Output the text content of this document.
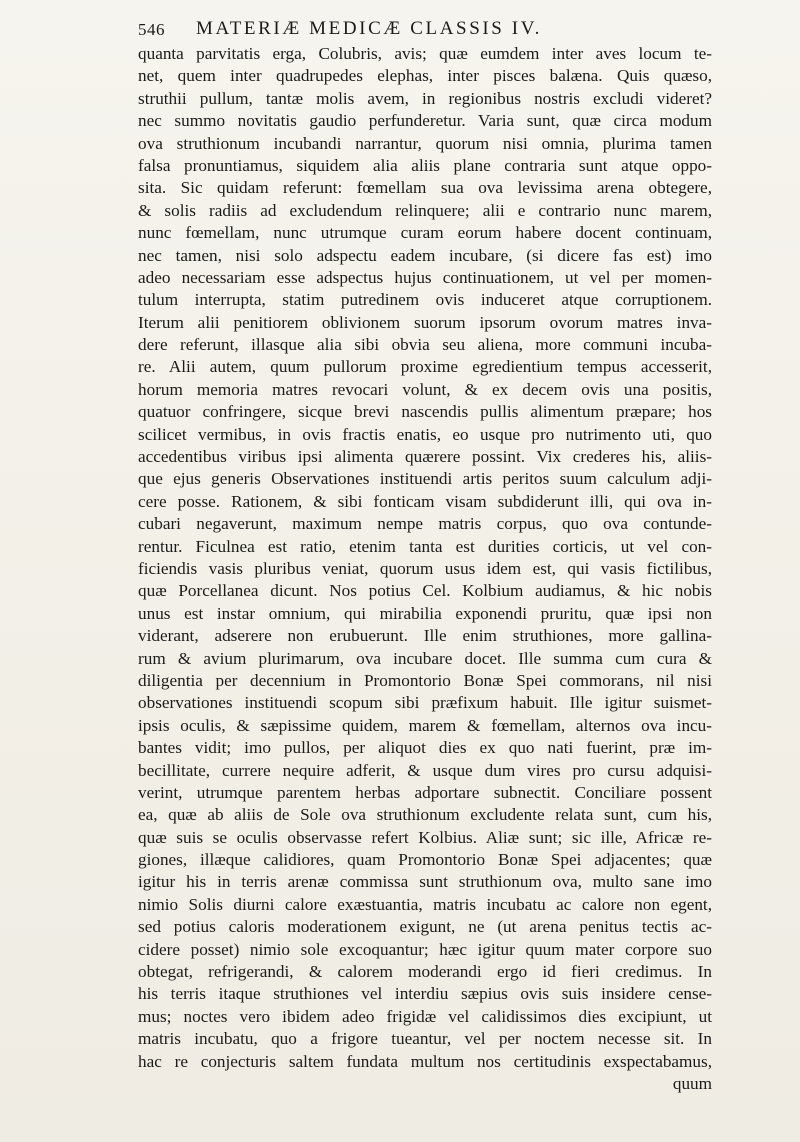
546 MATERIÆ MEDICÆ CLASSIS IV.
quanta parvitatis erga, Colubris, avis; quæ eumdem inter aves locum te-
net, quem inter quadrupedes elephas, inter pisces balæna. Quis quæso,
struthii pullum, tantæ molis avem, in regionibus nostris excludi videret?
nec summo novitatis gaudio perfunderetur. Varia sunt, quæ circa modum
ova struthionum incubandi narrantur, quorum nisi omnia, plurima tamen
falsa pronuntiamus, siquidem alia aliis plane contraria sunt atque oppo-
sita. Sic quidam referunt: fœmellam sua ova levissima arena obtegere,
& solis radiis ad excludendum relinquere; alii e contrario nunc marem,
nunc fœmellam, nunc utrumque curam eorum habere docent continuam,
nec tamen, nisi solo adspectu eadem incubare, (si dicere fas est) imo
adeo necessariam esse adspectus hujus continuationem, ut vel per momen-
tulum interrupta, statim putredinem ovis induceret atque corruptionem.
Iterum alii penitiorem oblivionem suorum ipsorum ovorum matres inva-
dere referunt, illasque alia sibi obvia seu aliena, more communi incuba-
re. Alii autem, quum pullorum proxime egredientium tempus accesserit,
horum memoria matres revocari volunt, & ex decem ovis una positis,
quatuor confringere, sicque brevi nascendis pullis alimentum præpare; hos
scilicet vermibus, in ovis fractis enatis, eo usque pro nutrimento uti, quo
accedentibus viribus ipsi alimenta quærere possint. Vix crederes his, aliis-
que ejus generis Observationes instituendi artis peritos suum calculum adji-
cere posse. Rationem, & sibi fonticam visam subdiderunt illi, qui ova in-
cubari negaverunt, maximum nempe matris corpus, quo ova contunde-
rentur. Ficulnea est ratio, etenim tanta est durities corticis, ut vel con-
ficiendis vasis pluribus veniat, quorum usus idem est, qui vasis fictilibus,
quæ Porcellanea dicunt. Nos potius Cel. Kolbium audiamus, & hic nobis
unus est instar omnium, qui mirabilia exponendi pruritu, quæ ipsi non
viderant, adserere non erubuerunt. Ille enim struthiones, more gallina-
rum & avium plurimarum, ova incubare docet. Ille summa cum cura &
diligentia per decennium in Promontorio Bonæ Spei commorans, nil nisi
observationes instituendi scopum sibi præfixum habuit. Ille igitur suismet-
ipsis oculis, & sæpissime quidem, marem & fœmellam, alternos ova incu-
bantes vidit; imo pullos, per aliquot dies ex quo nati fuerint, præ im-
becillitate, currere nequire adferit, & usque dum vires pro cursu adquisi-
verint, utrumque parentem herbas adportare subnectit. Conciliare possent
ea, quæ ab aliis de Sole ova struthionum excludente relata sunt, cum his,
quæ suis se oculis observasse refert Kolbius. Aliæ sunt; sic ille, Africæ re-
giones, illæque calidiores, quam Promontorio Bonæ Spei adjacentes; quæ
igitur his in terris arenæ commissa sunt struthionum ova, multo sane imo
nimio Solis diurni calore exæstuantia, matris incubatu ac calore non egent,
sed potius caloris moderationem exigunt, ne (ut arena penitus tectis ac-
cidere posset) nimio sole excoquantur; hæc igitur quum mater corpore suo
obtegat, refrigerandi, & calorem moderandi ergo id fieri credimus. In
his terris itaque struthiones vel interdiu sæpius ovis suis insidere cense-
mus; noctes vero ibidem adeo frigidæ vel calidissimos dies excipiunt, ut
matris incubatu, quo a frigore tueantur, vel per noctem necesse sit. In
hac re conjecturis saltem fundata multum nos certitudinis exspectabamus,
quum
